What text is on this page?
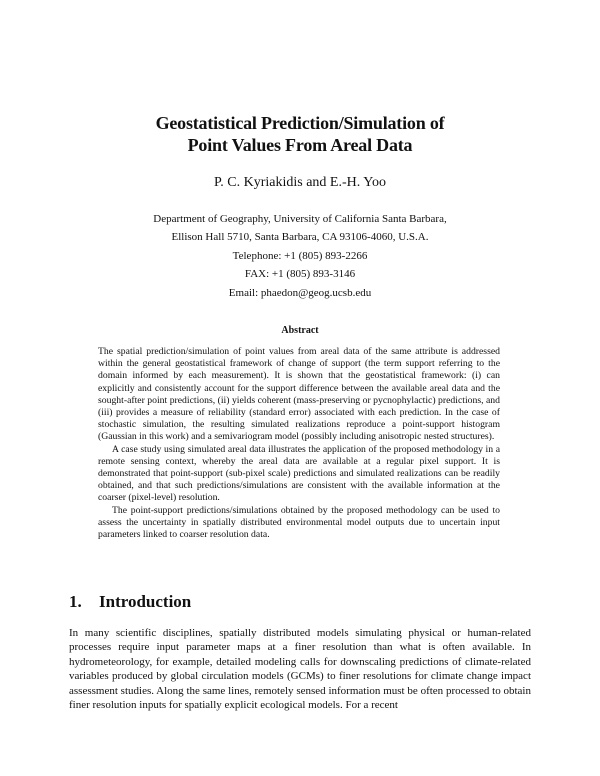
Geostatistical Prediction/Simulation of
Point Values From Areal Data
P. C. Kyriakidis and E.-H. Yoo
Department of Geography, University of California Santa Barbara,
Ellison Hall 5710, Santa Barbara, CA 93106-4060, U.S.A.
Telephone: +1 (805) 893-2266
FAX: +1 (805) 893-3146
Email: phaedon@geog.ucsb.edu
Abstract

The spatial prediction/simulation of point values from areal data of the same attribute is addressed within the general geostatistical framework of change of support (the term support referring to the domain informed by each measurement). It is shown that the geostatistical framework: (i) can explicitly and consistently account for the support difference between the available areal data and the sought-after point predictions, (ii) yields coherent (mass-preserving or pycnophylactic) predictions, and (iii) provides a measure of reliability (standard error) associated with each prediction. In the case of stochastic simulation, the resulting simulated realizations reproduce a point-support histogram (Gaussian in this work) and a semivariogram model (possibly including anisotropic nested structures).

A case study using simulated areal data illustrates the application of the proposed methodology in a remote sensing context, whereby the areal data are available at a regular pixel support. It is demonstrated that point-support (sub-pixel scale) predictions and simulated realizations can be readily obtained, and that such predictions/simulations are consistent with the available information at the coarser (pixel-level) resolution.

The point-support predictions/simulations obtained by the proposed methodology can be used to assess the uncertainty in spatially distributed environmental model outputs due to uncertain input parameters linked to coarser resolution data.

1. Introduction

In many scientific disciplines, spatially distributed models simulating physical or human-related processes require input parameter maps at a finer resolution than what is often available. In hydrometeorology, for example, detailed modeling calls for downscaling predictions of climate-related variables produced by global circulation models (GCMs) to finer resolutions for climate change impact assessment studies. Along the same lines, remotely sensed information must be often processed to obtain finer resolution inputs for spatially explicit ecological models. For a recent
